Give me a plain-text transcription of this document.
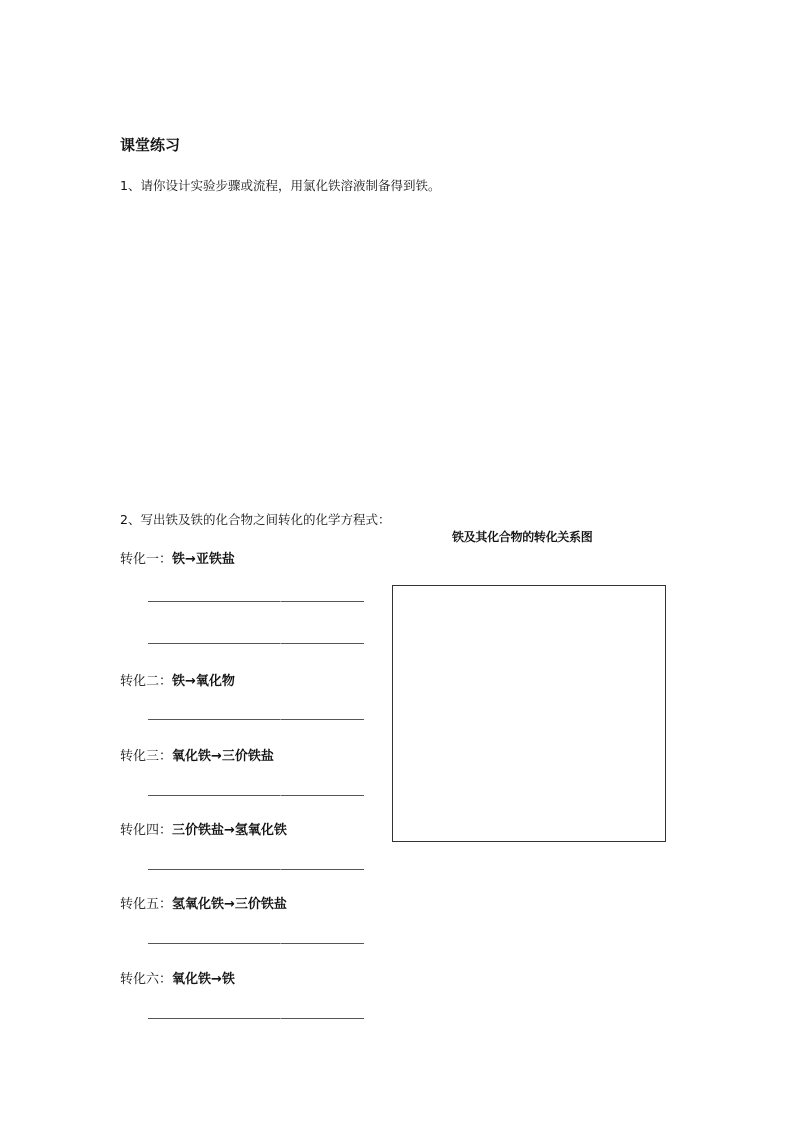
课堂练习
1、请你设计实验步骤或流程，用氯化铁溶液制备得到铁。
2、写出铁及铁的化合物之间转化的化学方程式：
铁及其化合物的转化关系图
转化一：铁→亚铁盐
转化二：铁→氧化物
转化三：氧化铁→三价铁盐
转化四：三价铁盐→氢氧化铁
转化五：氢氧化铁→三价铁盐
转化六：氧化铁→铁
